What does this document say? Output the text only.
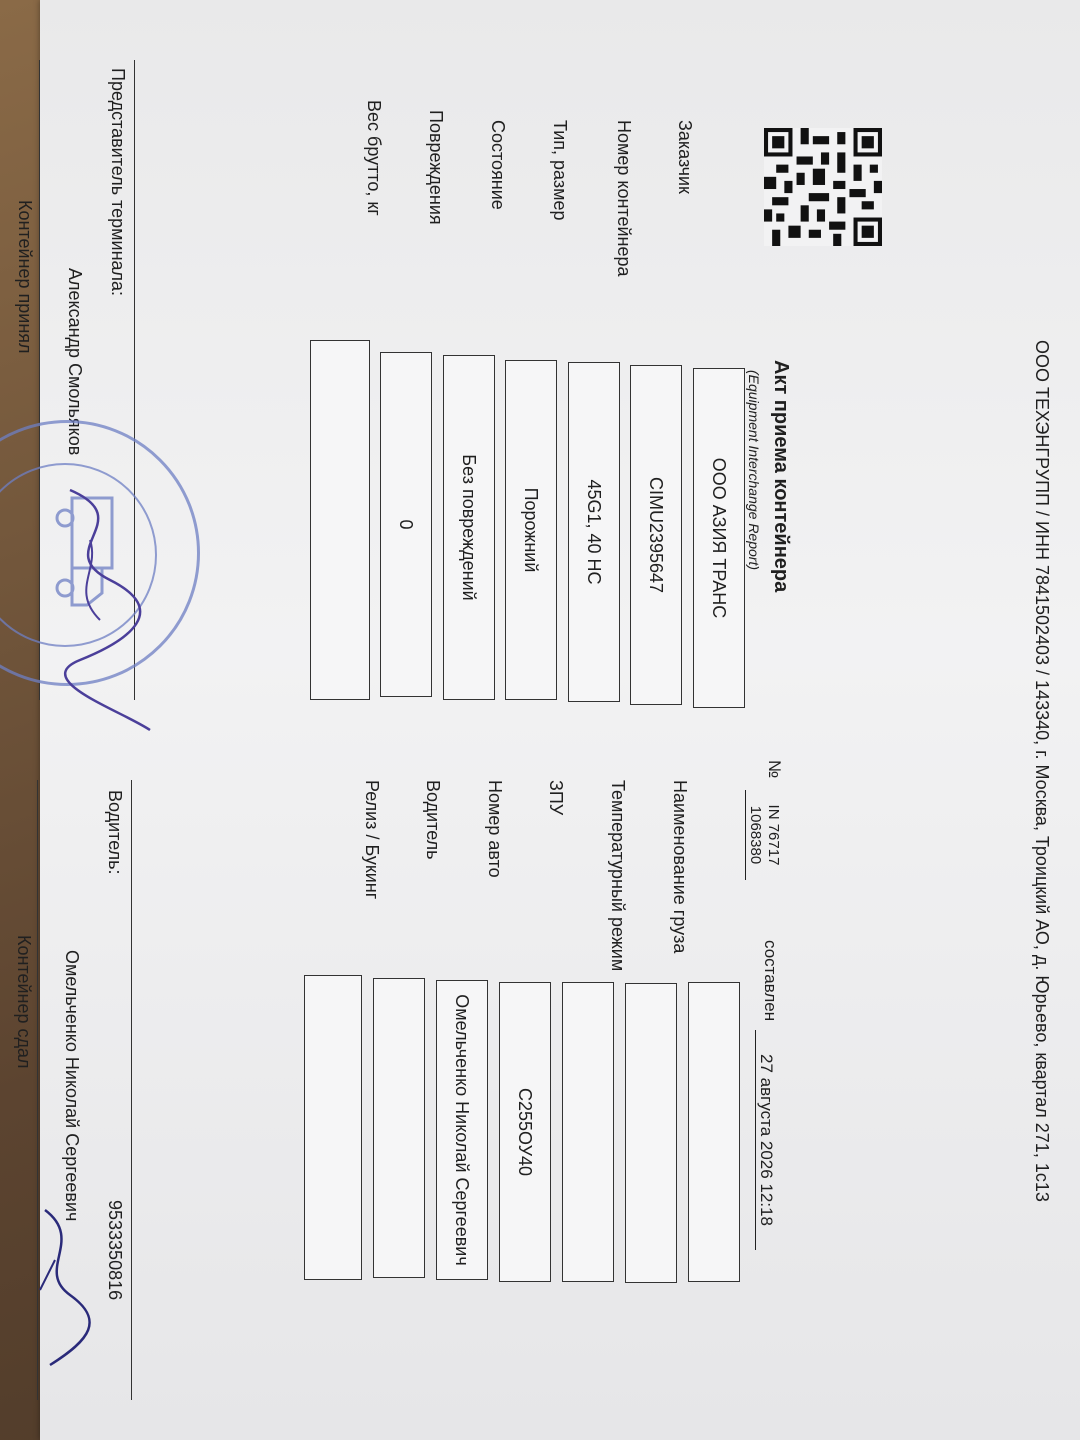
ООО ТЕХЭНГРУПП / ИНН 7841502403 / 143340, г. Москва, Троицкий АО, д. Юрьево, квартал 271, 1с13
Акт приема контейнера
(Equipment Interchange Report)
№
IN 76717
1068380
составлен
27 августа 2026 12:18
Заказчик
Номер контейнера
Тип, размер
Состояние
Повреждения
Вес брутто, кг
ООО АЗИЯ ТРАНС
CIMU2395647
45G1, 40 HC
Порожний
Без повреждений
0
Наименование груза
Температурный режим
ЗПУ
Номер авто
Водитель
Релиз / Букинг
С255ОУ40
Омельченко Николай Сергеевич
Представитель терминала:
Александр Смольяков
Контейнер принял
Водитель:
9533350816
Омельченко Николай Сергеевич
Контейнер сдал
